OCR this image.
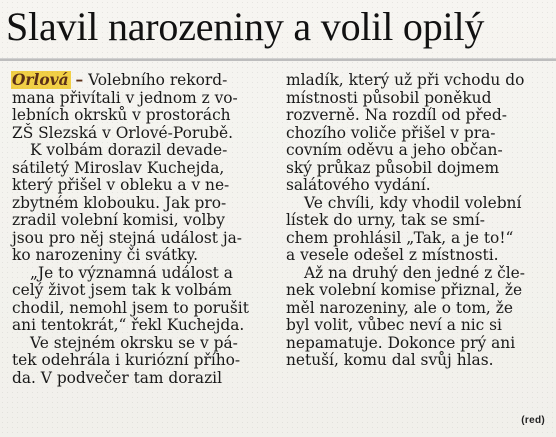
Slavil narozeniny a volil opilý
Orlová – Volebního rekord-
mana přivítali v jednom z vo-
lebních okrsků v prostorách
ZŠ Slezská v Orlové-Porubě.
K volbám dorazil devade-
sátiletý Miroslav Kuchejda,
který přišel v obleku a v ne-
zbytném klobouku. Jak pro-
zradil volební komisi, volby
jsou pro něj stejná událost ja-
ko narozeniny či svátky.
„Je to významná událost a
celý život jsem tak k volbám
chodil, nemohl jsem to porušit
ani tentokrát,“ řekl Kuchejda.
Ve stejném okrsku se v pá-
tek odehrála i kuriózní příhо-
da. V podvečer tam dorazil
mladík, který už při vchodu do
místnosti působil poněkud
rozverně. Na rozdíl od před-
chozího voliče přišel v pra-
covním oděvu a jeho občan-
ský průkaz působil dojmem
salátového vydání.
Ve chvíli, kdy vhodil volební
lístek do urny, tak se smí-
chem prohlásil „Tak, a je to!“
a vesele odešel z místnosti.
Až na druhý den jedné z čle-
nek volební komise přiznal, že
měl narozeniny, ale o tom, že
byl volit, vůbec neví a nic si
nepamatuje. Dokonce prý ani
netuší, komu dal svůj hlas.
(red)
